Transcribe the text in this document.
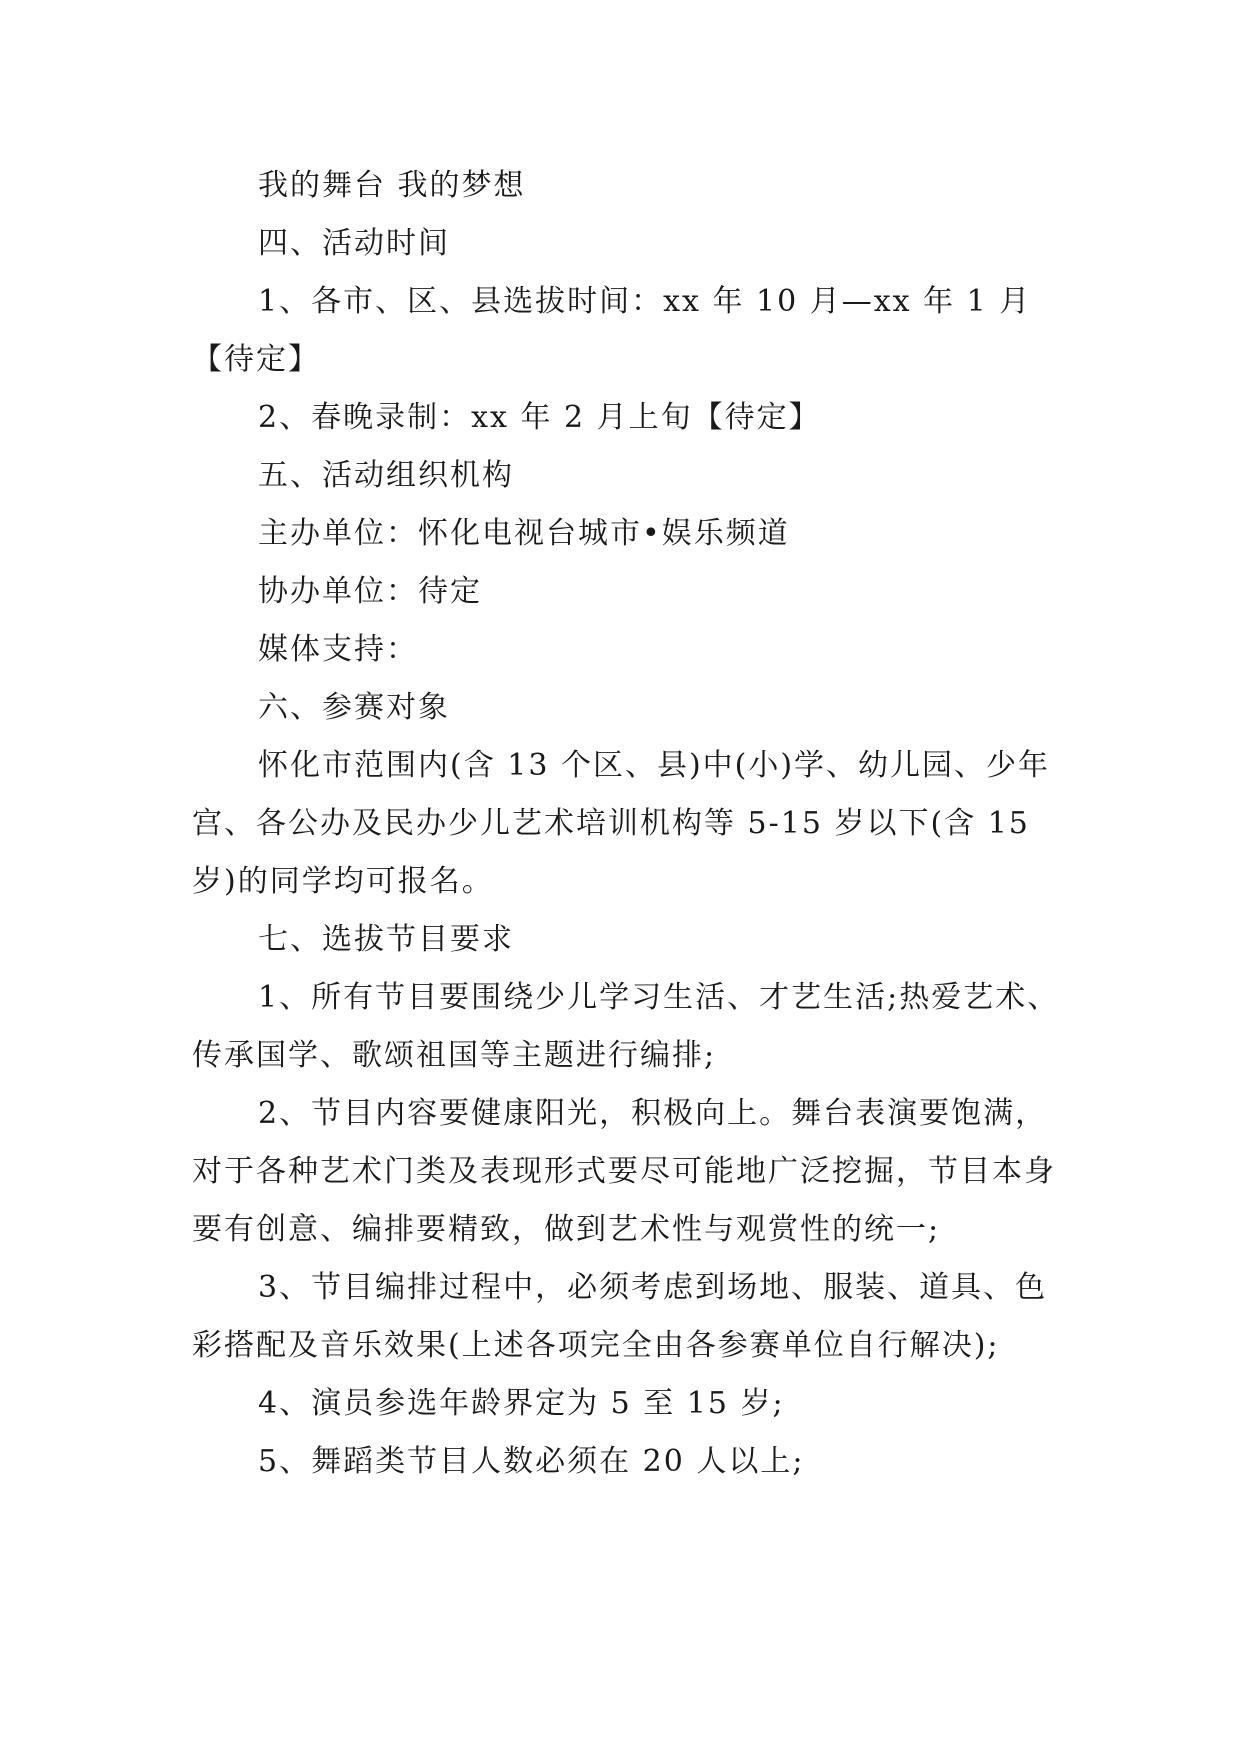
我的舞台 我的梦想

四、活动时间

1、各市、区、县选拔时间：xx 年 10 月—xx 年 1 月【待定】

2、春晚录制：xx 年 2 月上旬【待定】

五、活动组织机构

主办单位：怀化电视台城市•娱乐频道

协办单位：待定

媒体支持：

六、参赛对象

怀化市范围内(含 13 个区、县)中(小)学、幼儿园、少年宫、各公办及民办少儿艺术培训机构等 5-15 岁以下(含 15 岁)的同学均可报名。

七、选拔节目要求

1、所有节目要围绕少儿学习生活、才艺生活;热爱艺术、传承国学、歌颂祖国等主题进行编排;

2、节目内容要健康阳光，积极向上。舞台表演要饱满，对于各种艺术门类及表现形式要尽可能地广泛挖掘，节目本身要有创意、编排要精致，做到艺术性与观赏性的统一;

3、节目编排过程中，必须考虑到场地、服装、道具、色彩搭配及音乐效果(上述各项完全由各参赛单位自行解决);

4、演员参选年龄界定为 5 至 15 岁;

5、舞蹈类节目人数必须在 20 人以上;
